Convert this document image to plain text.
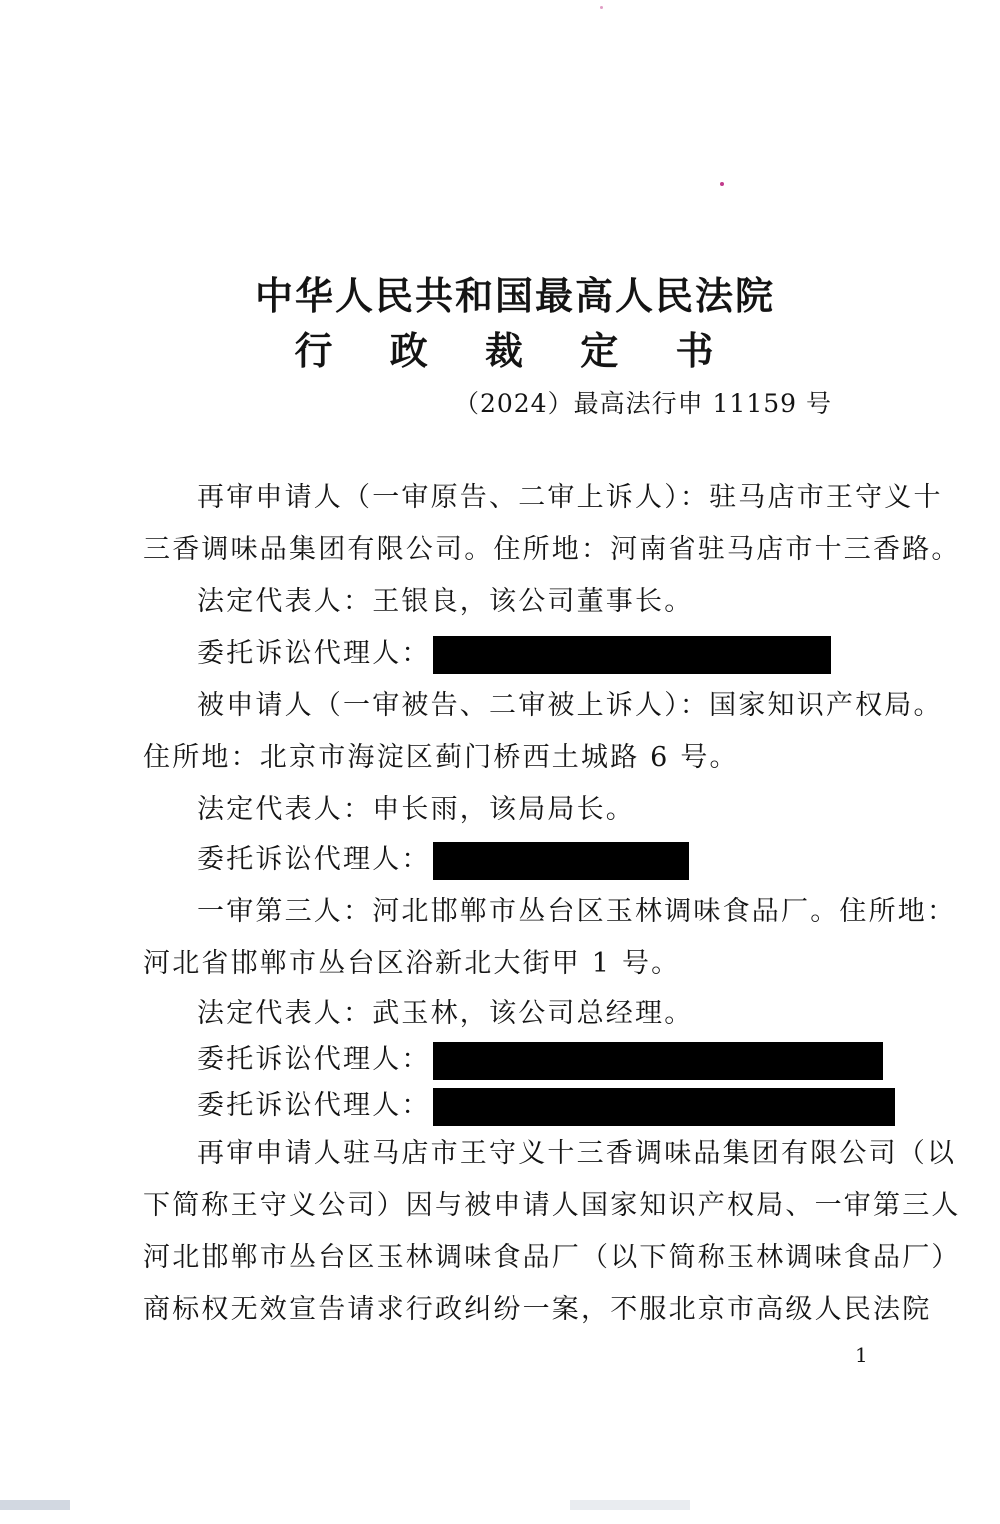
中华人民共和国最高人民法院
行 政 裁 定 书
（2024）最高法行申 11159 号
再审申请人（一审原告、二审上诉人）：驻马店市王守义十
三香调味品集团有限公司。住所地：河南省驻马店市十三香路。
法定代表人：王银良，该公司董事长。
委托诉讼代理人：
被申请人（一审被告、二审被上诉人）：国家知识产权局。
住所地：北京市海淀区蓟门桥西土城路 6 号。
法定代表人：申长雨，该局局长。
委托诉讼代理人：
一审第三人：河北邯郸市丛台区玉林调味食品厂。住所地：
河北省邯郸市丛台区浴新北大街甲 1 号。
法定代表人：武玉林，该公司总经理。
委托诉讼代理人：
委托诉讼代理人：
再审申请人驻马店市王守义十三香调味品集团有限公司（以
下简称王守义公司）因与被申请人国家知识产权局、一审第三人
河北邯郸市丛台区玉林调味食品厂（以下简称玉林调味食品厂）
商标权无效宣告请求行政纠纷一案，不服北京市高级人民法院
1
